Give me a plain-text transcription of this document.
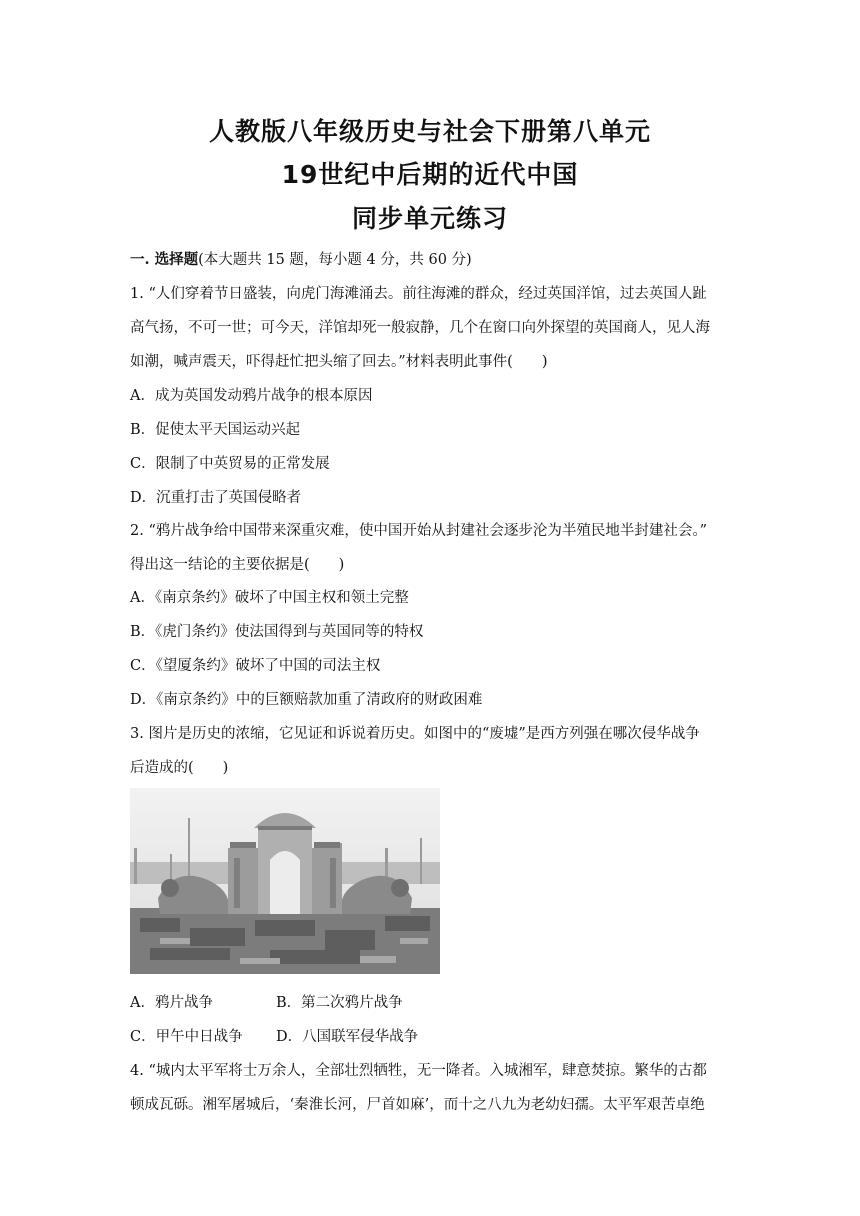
人教版八年级历史与社会下册第八单元
19世纪中后期的近代中国
同步单元练习
一. 选择题(本大题共 15 题，每小题 4 分，共 60 分)
1. “人们穿着节日盛装，向虎门海滩涌去。前往海滩的群众，经过英国洋馆，过去英国人趾
高气扬，不可一世；可今天，洋馆却死一般寂静，几个在窗口向外探望的英国商人，见人海
如潮，喊声震天，吓得赶忙把头缩了回去。”材料表明此事件(　　)
A．成为英国发动鸦片战争的根本原因
B．促使太平天国运动兴起
C．限制了中英贸易的正常发展
D．沉重打击了英国侵略者
2. “鸦片战争给中国带来深重灾难，使中国开始从封建社会逐步沦为半殖民地半封建社会。”
得出这一结论的主要依据是(　　)
A．《南京条约》破坏了中国主权和领土完整
B．《虎门条约》使法国得到与英国同等的特权
C．《望厦条约》破坏了中国的司法主权
D．《南京条约》中的巨额赔款加重了清政府的财政困难
3. 图片是历史的浓缩，它见证和诉说着历史。如图中的“废墟”是西方列强在哪次侵华战争
后造成的(　　)
A．鸦片战争	B．第二次鸦片战争
C．甲午中日战争 D．八国联军侵华战争
4. “城内太平军将士万余人，全部壮烈牺牲，无一降者。入城湘军，肆意焚掠。繁华的古都
顿成瓦砾。湘军屠城后，‘秦淮长河，尸首如麻’，而十之八九为老幼妇孺。太平军艰苦卓绝
